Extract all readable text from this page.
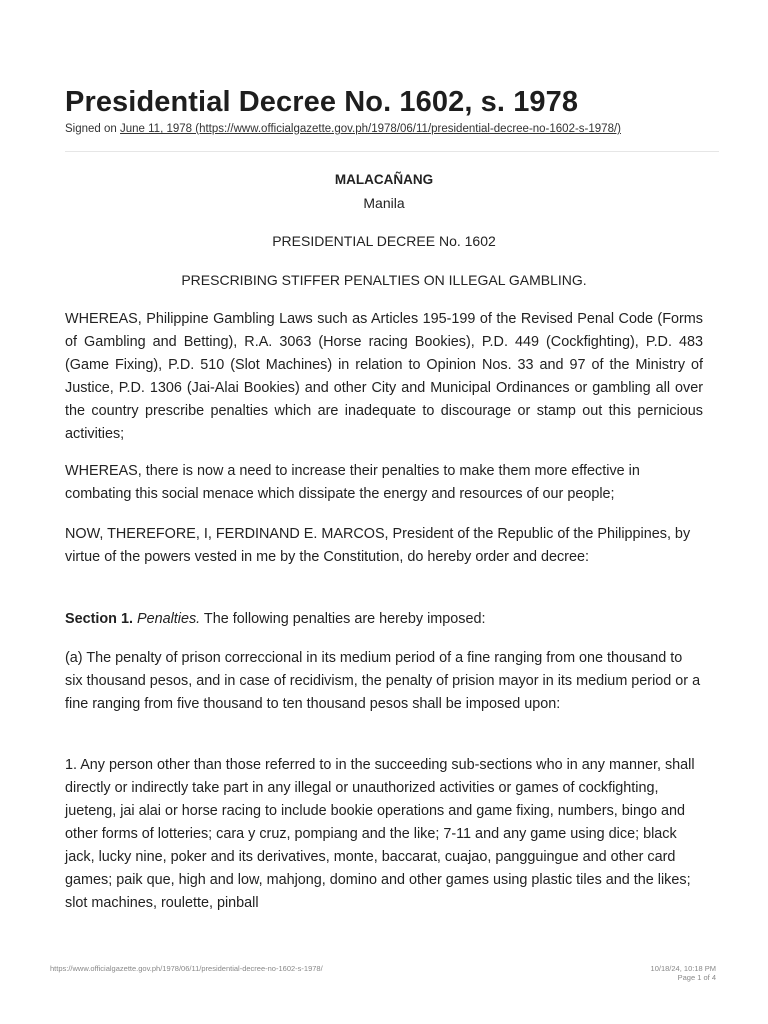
Presidential Decree No. 1602, s. 1978
Signed on June 11, 1978 (https://www.officialgazette.gov.ph/1978/06/11/presidential-decree-no-1602-s-1978/)

MALACAÑANG

Manila

PRESIDENTIAL DECREE No. 1602

PRESCRIBING STIFFER PENALTIES ON ILLEGAL GAMBLING.

WHEREAS, Philippine Gambling Laws such as Articles 195-199 of the Revised Penal Code (Forms of Gambling and Betting), R.A. 3063 (Horse racing Bookies), P.D. 449 (Cockfighting), P.D. 483 (Game Fixing), P.D. 510 (Slot Machines) in relation to Opinion Nos. 33 and 97 of the Ministry of Justice, P.D. 1306 (Jai-Alai Bookies) and other City and Municipal Ordinances or gambling all over the country prescribe penalties which are inadequate to discourage or stamp out this pernicious activities;

WHEREAS, there is now a need to increase their penalties to make them more effective in combating this social menace which dissipate the energy and resources of our people;

NOW, THEREFORE, I, FERDINAND E. MARCOS, President of the Republic of the Philippines, by virtue of the powers vested in me by the Constitution, do hereby order and decree:

Section 1. Penalties. The following penalties are hereby imposed:

(a) The penalty of prison correccional in its medium period of a fine ranging from one thousand to six thousand pesos, and in case of recidivism, the penalty of prision mayor in its medium period or a fine ranging from five thousand to ten thousand pesos shall be imposed upon:

1. Any person other than those referred to in the succeeding sub-sections who in any manner, shall directly or indirectly take part in any illegal or unauthorized activities or games of cockfighting, jueteng, jai alai or horse racing to include bookie operations and game fixing, numbers, bingo and other forms of lotteries; cara y cruz, pompiang and the like; 7-11 and any game using dice; black jack, lucky nine, poker and its derivatives, monte, baccarat, cuajao, pangguingue and other card games; paik que, high and low, mahjong, domino and other games using plastic tiles and the likes; slot machines, roulette, pinball

https://www.officialgazette.gov.ph/1978/06/11/presidential-decree-no-1602-s-1978/	10/18/24, 10:18 PM
Page 1 of 4
